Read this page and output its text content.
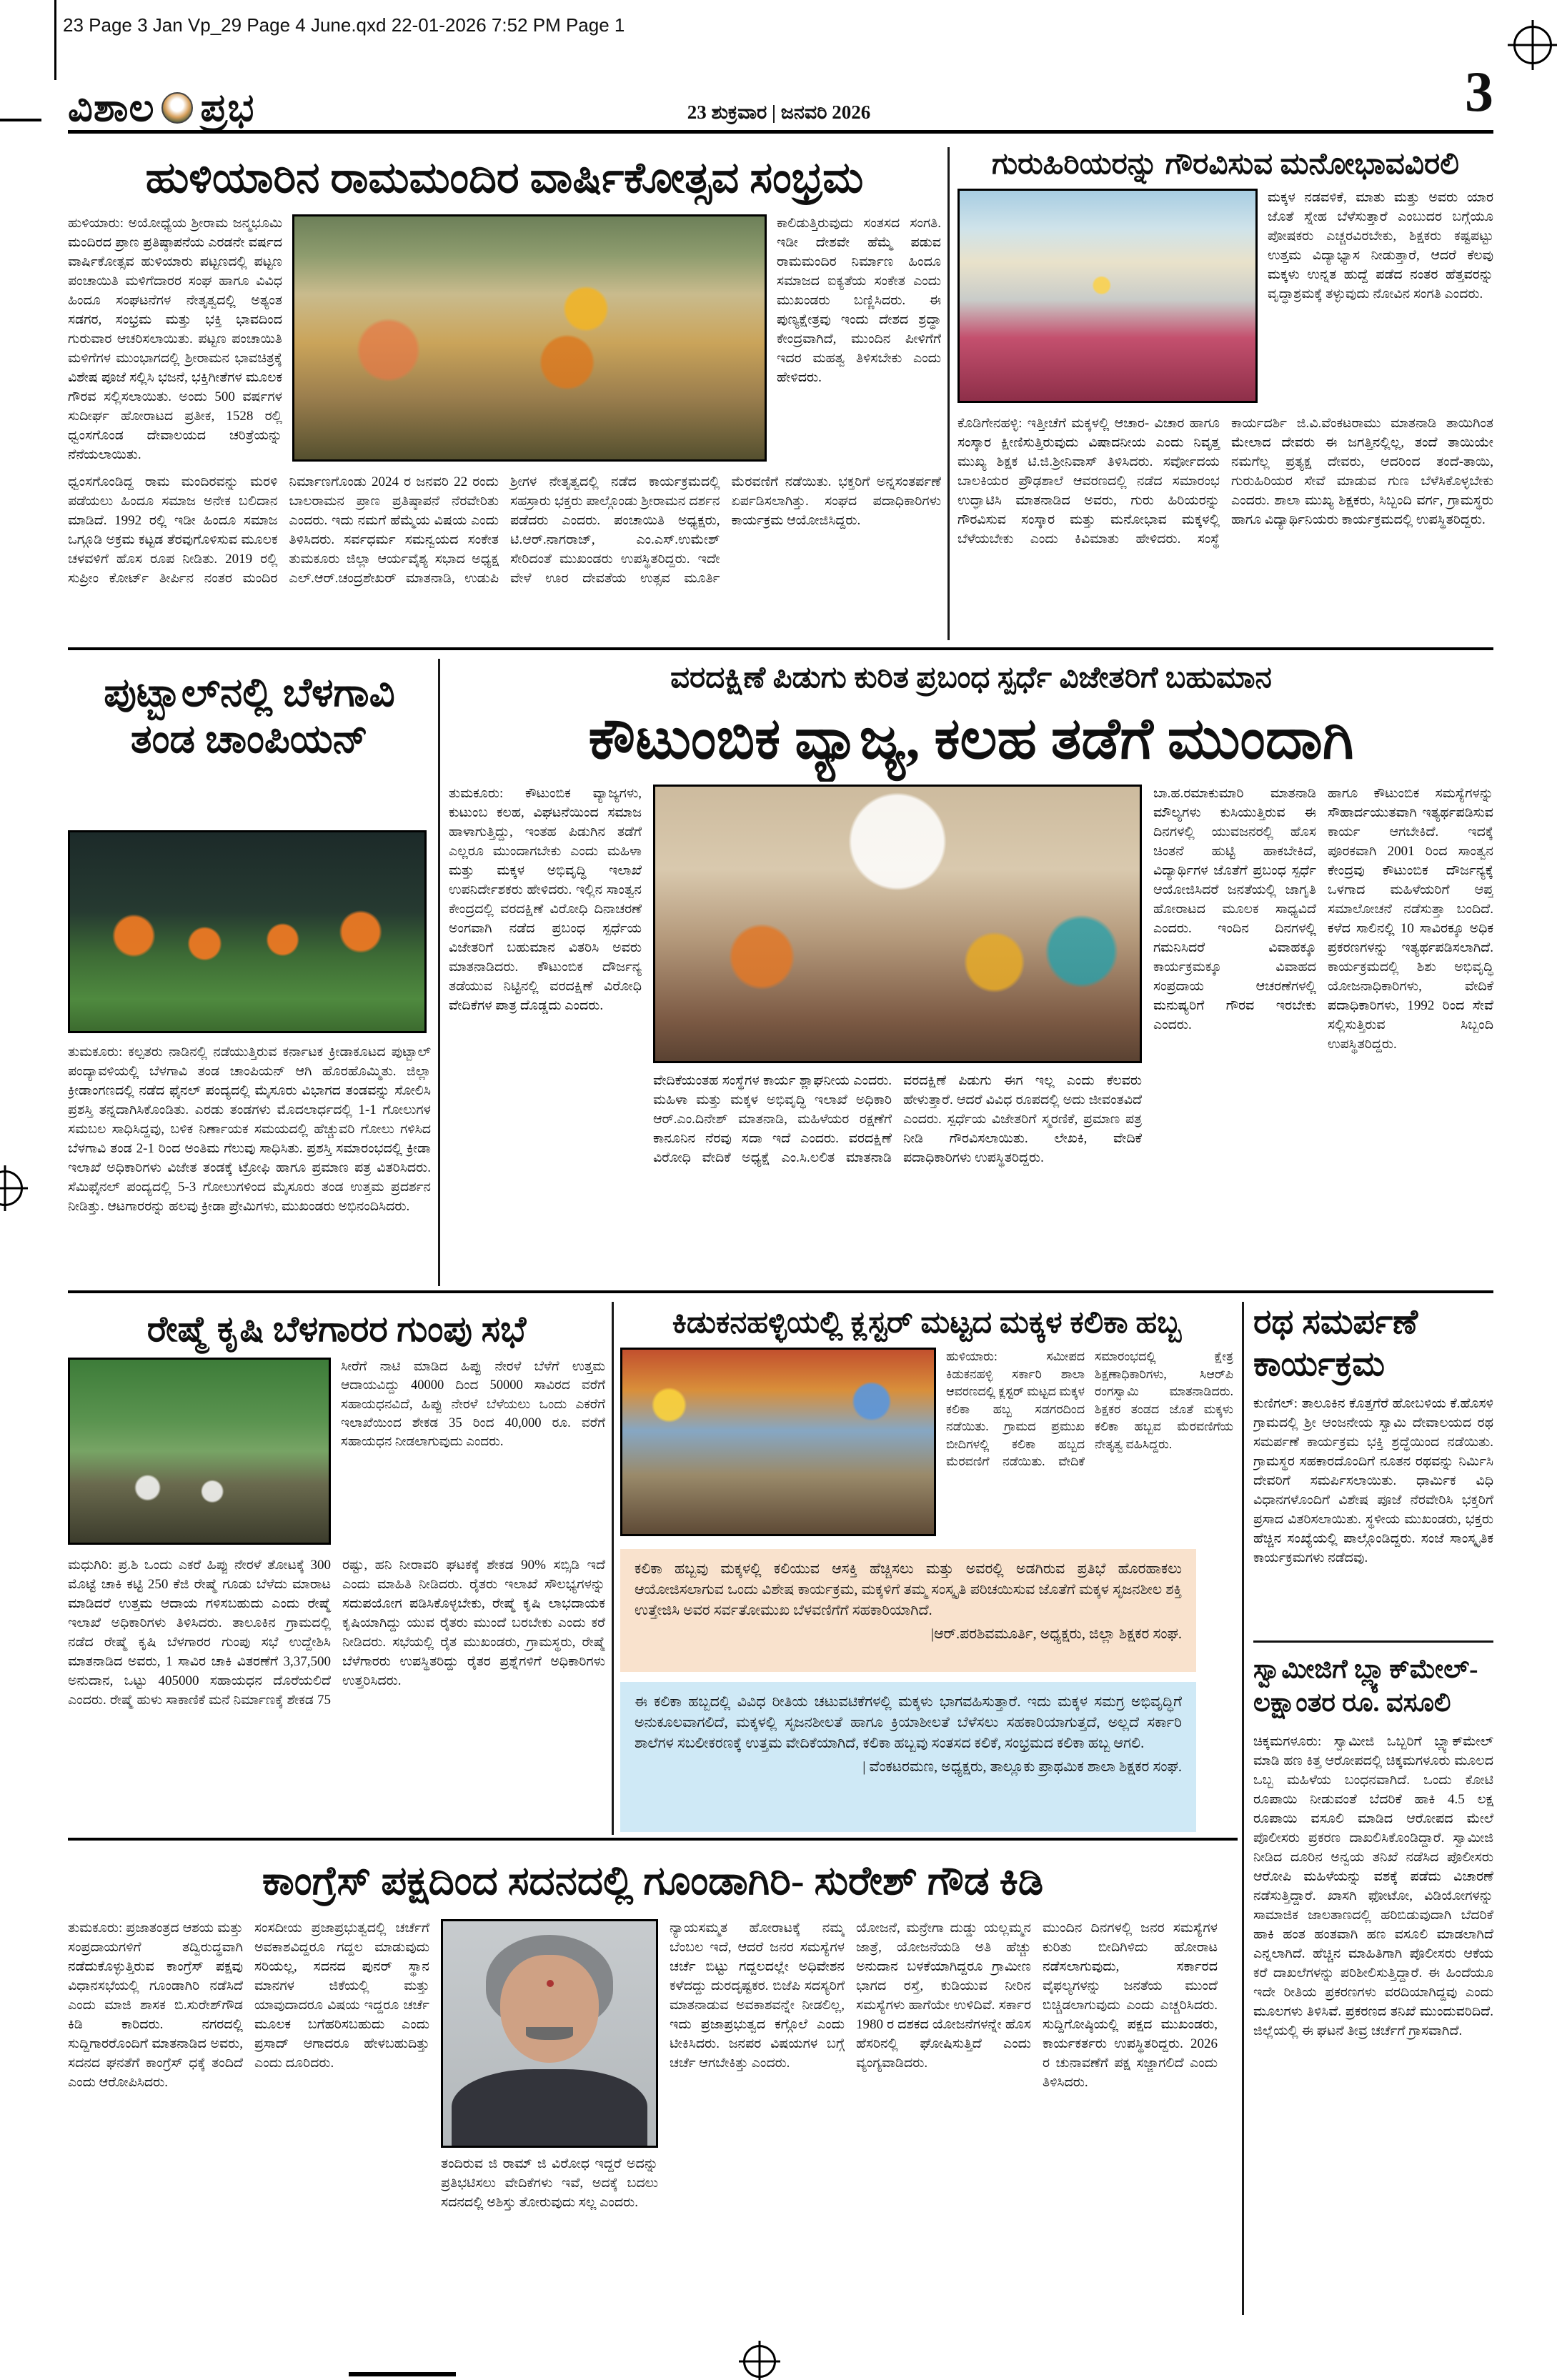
23 Page 3 Jan Vp_29 Page 4 June.qxd 22-01-2026 7:52 PM Page 1
ವಿಶಾಲ ಪ್ರಭ	23 ಶುಕ್ರವಾರ | ಜನವರಿ 2026	3
ಹುಳಿಯಾರಿನ ರಾಮಮಂದಿರ ವಾರ್ಷಿಕೋತ್ಸವ ಸಂಭ್ರಮ
ಹುಳಿಯಾರು: ಅಯೋಧ್ಯೆಯ ಶ್ರೀರಾಮ ಜನ್ಮಭೂಮಿ ಮಂದಿರದ ಪ್ರಾಣ ಪ್ರತಿಷ್ಠಾಪನೆಯ ಎರಡನೇ ವರ್ಷದ ವಾರ್ಷಿಕೋತ್ಸವ ಹುಳಿಯಾರು ಪಟ್ಟಣದಲ್ಲಿ ಪಟ್ಟಣ ಪಂಚಾಯಿತಿ ಮಳಿಗೆದಾರರ ಸಂಘ ಹಾಗೂ ವಿವಿಧ ಹಿಂದೂ ಸಂಘಟನೆಗಳ ನೇತೃತ್ವದಲ್ಲಿ ಅತ್ಯಂತ ಸಡಗರ, ಸಂಭ್ರಮ ಮತ್ತು ಭಕ್ತಿ ಭಾವದಿಂದ ಗುರುವಾರ ಆಚರಿಸಲಾಯಿತು. ಪಟ್ಟಣ ಪಂಚಾಯಿತಿ ಮಳಿಗೆಗಳ ಮುಂಭಾಗದಲ್ಲಿ ಶ್ರೀರಾಮನ ಭಾವಚಿತ್ರಕ್ಕೆ ವಿಶೇಷ ಪೂಜೆ ಸಲ್ಲಿಸಿ ಭಜನೆ, ಭಕ್ತಿಗೀತೆಗಳ ಮೂಲಕ ಗೌರವ ಸಲ್ಲಿಸಲಾಯಿತು. ಅಂದು 500 ವರ್ಷಗಳ ಸುದೀರ್ಘ ಹೋರಾಟದ ಪ್ರತೀಕ, 1528 ರಲ್ಲಿ ಧ್ವಂಸಗೊಂಡ ದೇವಾಲಯದ ಚರಿತ್ರೆಯನ್ನು ನೆನೆಯಲಾಯಿತು.
ಕಾಲಿಡುತ್ತಿರುವುದು ಸಂತಸದ ಸಂಗತಿ. ಇಡೀ ದೇಶವೇ ಹೆಮ್ಮೆ ಪಡುವ ರಾಮಮಂದಿರ ನಿರ್ಮಾಣ ಹಿಂದೂ ಸಮಾಜದ ಐಕ್ಯತೆಯ ಸಂಕೇತ ಎಂದು ಮುಖಂಡರು ಬಣ್ಣಿಸಿದರು. ಈ ಪುಣ್ಯಕ್ಷೇತ್ರವು ಇಂದು ದೇಶದ ಶ್ರದ್ಧಾ ಕೇಂದ್ರವಾಗಿದೆ, ಮುಂದಿನ ಪೀಳಿಗೆಗೆ ಇದರ ಮಹತ್ವ ತಿಳಿಸಬೇಕು ಎಂದು ಹೇಳಿದರು.
ಧ್ವಂಸಗೊಂಡಿದ್ದ ರಾಮ ಮಂದಿರವನ್ನು ಮರಳಿ ಪಡೆಯಲು ಹಿಂದೂ ಸಮಾಜ ಅನೇಕ ಬಲಿದಾನ ಮಾಡಿದೆ. 1992 ರಲ್ಲಿ ಇಡೀ ಹಿಂದೂ ಸಮಾಜ ಒಗ್ಗೂಡಿ ಅಕ್ರಮ ಕಟ್ಟಡ ತೆರವುಗೊಳಿಸುವ ಮೂಲಕ ಚಳವಳಿಗೆ ಹೊಸ ರೂಪ ನೀಡಿತು. 2019 ರಲ್ಲಿ ಸುಪ್ರೀಂ ಕೋರ್ಟ್ ತೀರ್ಪಿನ ನಂತರ ಮಂದಿರ ನಿರ್ಮಾಣಗೊಂಡು 2024 ರ ಜನವರಿ 22 ರಂದು ಬಾಲರಾಮನ ಪ್ರಾಣ ಪ್ರತಿಷ್ಠಾಪನೆ ನೆರವೇರಿತು ಎಂದರು. ಇದು ನಮಗೆ ಹೆಮ್ಮೆಯ ವಿಷಯ ಎಂದು ತಿಳಿಸಿದರು. ಸರ್ವಧರ್ಮ ಸಮನ್ವಯದ ಸಂಕೇತ ತುಮಕೂರು ಜಿಲ್ಲಾ ಆರ್ಯವೈಶ್ಯ ಸಭಾದ ಅಧ್ಯಕ್ಷ ಎಲ್.ಆರ್.ಚಂದ್ರಶೇಖರ್ ಮಾತನಾಡಿ, ಉಡುಪಿ ಶ್ರೀಗಳ ನೇತೃತ್ವದಲ್ಲಿ ನಡೆದ ಕಾರ್ಯಕ್ರಮದಲ್ಲಿ ಸಹಸ್ರಾರು ಭಕ್ತರು ಪಾಲ್ಗೊಂಡು ಶ್ರೀರಾಮನ ದರ್ಶನ ಪಡೆದರು ಎಂದರು. ಪಂಚಾಯಿತಿ ಅಧ್ಯಕ್ಷರು, ಟಿ.ಆರ್.ನಾಗರಾಜ್, ಎಂ.ಎಸ್.ಉಮೇಶ್ ಸೇರಿದಂತೆ ಮುಖಂಡರು ಉಪಸ್ಥಿತರಿದ್ದರು. ಇದೇ ವೇಳೆ ಊರ ದೇವತೆಯ ಉತ್ಸವ ಮೂರ್ತಿ ಮೆರವಣಿಗೆ ನಡೆಯಿತು. ಭಕ್ತರಿಗೆ ಅನ್ನಸಂತರ್ಪಣೆ ಏರ್ಪಡಿಸಲಾಗಿತ್ತು. ಸಂಘದ ಪದಾಧಿಕಾರಿಗಳು ಕಾರ್ಯಕ್ರಮ ಆಯೋಜಿಸಿದ್ದರು.
ಗುರುಹಿರಿಯರನ್ನು ಗೌರವಿಸುವ ಮನೋಭಾವವಿರಲಿ
ಮಕ್ಕಳ ನಡವಳಿಕೆ, ಮಾತು ಮತ್ತು ಅವರು ಯಾರ ಜೊತೆ ಸ್ನೇಹ ಬೆಳೆಸುತ್ತಾರೆ ಎಂಬುದರ ಬಗ್ಗೆಯೂ ಪೋಷಕರು ಎಚ್ಚರವಿರಬೇಕು, ಶಿಕ್ಷಕರು ಕಷ್ಟಪಟ್ಟು ಉತ್ತಮ ವಿದ್ಯಾಭ್ಯಾಸ ನೀಡುತ್ತಾರೆ, ಆದರೆ ಕೆಲವು ಮಕ್ಕಳು ಉನ್ನತ ಹುದ್ದೆ ಪಡೆದ ನಂತರ ಹೆತ್ತವರನ್ನು ವೃದ್ಧಾಶ್ರಮಕ್ಕೆ ತಳ್ಳುವುದು ನೋವಿನ ಸಂಗತಿ ಎಂದರು.
ಕೊಡಿಗೇನಹಳ್ಳಿ: ಇತ್ತೀಚೆಗೆ ಮಕ್ಕಳಲ್ಲಿ ಆಚಾರ- ವಿಚಾರ ಹಾಗೂ ಸಂಸ್ಕಾರ ಕ್ಷೀಣಿಸುತ್ತಿರುವುದು ವಿಷಾದನೀಯ ಎಂದು ನಿವೃತ್ತ ಮುಖ್ಯ ಶಿಕ್ಷಕ ಟಿ.ಜಿ.ಶ್ರೀನಿವಾಸ್ ತಿಳಿಸಿದರು. ಸರ್ವೋದಯ ಬಾಲಕಿಯರ ಪ್ರೌಢಶಾಲೆ ಆವರಣದಲ್ಲಿ ನಡೆದ ಸಮಾರಂಭ ಉದ್ಘಾಟಿಸಿ ಮಾತನಾಡಿದ ಅವರು, ಗುರು ಹಿರಿಯರನ್ನು ಗೌರವಿಸುವ ಸಂಸ್ಕಾರ ಮತ್ತು ಮನೋಭಾವ ಮಕ್ಕಳಲ್ಲಿ ಬೆಳೆಯಬೇಕು ಎಂದು ಕಿವಿಮಾತು ಹೇಳಿದರು. ಸಂಸ್ಥೆ ಕಾರ್ಯದರ್ಶಿ ಜಿ.ವಿ.ವೆಂಕಟರಾಮು ಮಾತನಾಡಿ ತಾಯಿಗಿಂತ ಮೇಲಾದ ದೇವರು ಈ ಜಗತ್ತಿನಲ್ಲಿಲ್ಲ, ತಂದೆ ತಾಯಿಯೇ ನಮಗೆಲ್ಲ ಪ್ರತ್ಯಕ್ಷ ದೇವರು, ಆದರಿಂದ ತಂದೆ-ತಾಯಿ, ಗುರುಹಿರಿಯರ ಸೇವೆ ಮಾಡುವ ಗುಣ ಬೆಳೆಸಿಕೊಳ್ಳಬೇಕು ಎಂದರು. ಶಾಲಾ ಮುಖ್ಯ ಶಿಕ್ಷಕರು, ಸಿಬ್ಬಂದಿ ವರ್ಗ, ಗ್ರಾಮಸ್ಥರು ಹಾಗೂ ವಿದ್ಯಾರ್ಥಿನಿಯರು ಕಾರ್ಯಕ್ರಮದಲ್ಲಿ ಉಪಸ್ಥಿತರಿದ್ದರು.
ಪುಟ್ಬಾಲ್‌ನಲ್ಲಿ ಬೆಳಗಾವಿ ತಂಡ ಚಾಂಪಿಯನ್
ತುಮಕೂರು: ಕಲ್ಪತರು ನಾಡಿನಲ್ಲಿ ನಡೆಯುತ್ತಿರುವ ಕರ್ನಾಟಕ ಕ್ರೀಡಾಕೂಟದ ಪುಟ್ಬಾಲ್ ಪಂದ್ಯಾವಳಿಯಲ್ಲಿ ಬೆಳಗಾವಿ ತಂಡ ಚಾಂಪಿಯನ್ ಆಗಿ ಹೊರಹೊಮ್ಮಿತು. ಜಿಲ್ಲಾ ಕ್ರೀಡಾಂಗಣದಲ್ಲಿ ನಡೆದ ಫೈನಲ್ ಪಂದ್ಯದಲ್ಲಿ ಮೈಸೂರು ವಿಭಾಗದ ತಂಡವನ್ನು ಸೋಲಿಸಿ ಪ್ರಶಸ್ತಿ ತನ್ನದಾಗಿಸಿಕೊಂಡಿತು. ಎರಡು ತಂಡಗಳು ಮೊದಲಾರ್ಧದಲ್ಲಿ 1-1 ಗೋಲುಗಳ ಸಮಬಲ ಸಾಧಿಸಿದ್ದವು, ಬಳಿಕ ನಿರ್ಣಾಯಕ ಸಮಯದಲ್ಲಿ ಹೆಚ್ಚುವರಿ ಗೋಲು ಗಳಿಸಿದ ಬೆಳಗಾವಿ ತಂಡ 2-1 ರಿಂದ ಅಂತಿಮ ಗೆಲುವು ಸಾಧಿಸಿತು. ಪ್ರಶಸ್ತಿ ಸಮಾರಂಭದಲ್ಲಿ ಕ್ರೀಡಾ ಇಲಾಖೆ ಅಧಿಕಾರಿಗಳು ವಿಜೇತ ತಂಡಕ್ಕೆ ಟ್ರೋಫಿ ಹಾಗೂ ಪ್ರಮಾಣ ಪತ್ರ ವಿತರಿಸಿದರು. ಸೆಮಿಫೈನಲ್ ಪಂದ್ಯದಲ್ಲಿ 5-3 ಗೋಲುಗಳಿಂದ ಮೈಸೂರು ತಂಡ ಉತ್ತಮ ಪ್ರದರ್ಶನ ನೀಡಿತ್ತು. ಆಟಗಾರರನ್ನು ಹಲವು ಕ್ರೀಡಾ ಪ್ರೇಮಿಗಳು, ಮುಖಂಡರು ಅಭಿನಂದಿಸಿದರು.
ವರದಕ್ಷಿಣೆ ಪಿಡುಗು ಕುರಿತ ಪ್ರಬಂಧ ಸ್ಪರ್ಧೆ ವಿಜೇತರಿಗೆ ಬಹುಮಾನ
ಕೌಟುಂಬಿಕ ವ್ಯಾಜ್ಯ, ಕಲಹ ತಡೆಗೆ ಮುಂದಾಗಿ
ತುಮಕೂರು: ಕೌಟುಂಬಿಕ ವ್ಯಾಜ್ಯಗಳು, ಕುಟುಂಬ ಕಲಹ, ವಿಘಟನೆಯಿಂದ ಸಮಾಜ ಹಾಳಾಗುತ್ತಿದ್ದು, ಇಂತಹ ಪಿಡುಗಿನ ತಡೆಗೆ ಎಲ್ಲರೂ ಮುಂದಾಗಬೇಕು ಎಂದು ಮಹಿಳಾ ಮತ್ತು ಮಕ್ಕಳ ಅಭಿವೃದ್ಧಿ ಇಲಾಖೆ ಉಪನಿರ್ದೇಶಕರು ಹೇಳಿದರು. ಇಲ್ಲಿನ ಸಾಂತ್ವನ ಕೇಂದ್ರದಲ್ಲಿ ವರದಕ್ಷಿಣೆ ವಿರೋಧಿ ದಿನಾಚರಣೆ ಅಂಗವಾಗಿ ನಡೆದ ಪ್ರಬಂಧ ಸ್ಪರ್ಧೆಯ ವಿಜೇತರಿಗೆ ಬಹುಮಾನ ವಿತರಿಸಿ ಅವರು ಮಾತನಾಡಿದರು. ಕೌಟುಂಬಿಕ ದೌರ್ಜನ್ಯ ತಡೆಯುವ ನಿಟ್ಟಿನಲ್ಲಿ ವರದಕ್ಷಿಣೆ ವಿರೋಧಿ ವೇದಿಕೆಗಳ ಪಾತ್ರ ದೊಡ್ಡದು ಎಂದರು.
ವೇದಿಕೆಯಂತಹ ಸಂಸ್ಥೆಗಳ ಕಾರ್ಯ ಶ್ಲಾಘನೀಯ ಎಂದರು. ಮಹಿಳಾ ಮತ್ತು ಮಕ್ಕಳ ಅಭಿವೃದ್ಧಿ ಇಲಾಖೆ ಅಧಿಕಾರಿ ಆರ್.ಎಂ.ದಿನೇಶ್ ಮಾತನಾಡಿ, ಮಹಿಳೆಯರ ರಕ್ಷಣೆಗೆ ಕಾನೂನಿನ ನೆರವು ಸದಾ ಇದೆ ಎಂದರು. ವರದಕ್ಷಿಣೆ ವಿರೋಧಿ ವೇದಿಕೆ ಅಧ್ಯಕ್ಷೆ ಎಂ.ಸಿ.ಲಲಿತ ಮಾತನಾಡಿ ವರದಕ್ಷಿಣೆ ಪಿಡುಗು ಈಗ ಇಲ್ಲ ಎಂದು ಕೆಲವರು ಹೇಳುತ್ತಾರೆ. ಆದರೆ ವಿವಿಧ ರೂಪದಲ್ಲಿ ಅದು ಜೀವಂತವಿದೆ ಎಂದರು. ಸ್ಪರ್ಧೆಯ ವಿಜೇತರಿಗೆ ಸ್ಮರಣಿಕೆ, ಪ್ರಮಾಣ ಪತ್ರ ನೀಡಿ ಗೌರವಿಸಲಾಯಿತು. ಲೇಖಕಿ, ವೇದಿಕೆ ಪದಾಧಿಕಾರಿಗಳು ಉಪಸ್ಥಿತರಿದ್ದರು.
ಬಾ.ಹ.ರಮಾಕುಮಾರಿ ಮಾತನಾಡಿ ಮೌಲ್ಯಗಳು ಕುಸಿಯುತ್ತಿರುವ ಈ ದಿನಗಳಲ್ಲಿ ಯುವಜನರಲ್ಲಿ ಹೊಸ ಚಿಂತನೆ ಹುಟ್ಟಿ ಹಾಕಬೇಕಿದೆ, ವಿದ್ಯಾರ್ಥಿಗಳ ಜೊತೆಗೆ ಪ್ರಬಂಧ ಸ್ಪರ್ಧೆ ಆಯೋಜಿಸಿದರೆ ಜನತೆಯಲ್ಲಿ ಜಾಗೃತಿ ಹೋರಾಟದ ಮೂಲಕ ಸಾಧ್ಯವಿದೆ ಎಂದರು. ಇಂದಿನ ದಿನಗಳಲ್ಲಿ ಗಮನಿಸಿದರೆ ವಿವಾಹಕ್ಕೂ ಕಾರ್ಯಕ್ರಮಕ್ಕೂ ವಿವಾಹದ ಸಂಪ್ರದಾಯ ಆಚರಣೆಗಳಲ್ಲಿ ಮನುಷ್ಯರಿಗೆ ಗೌರವ ಇರಬೇಕು ಎಂದರು.
ಹಾಗೂ ಕೌಟುಂಬಿಕ ಸಮಸ್ಯೆಗಳನ್ನು ಸೌಹಾರ್ದಯುತವಾಗಿ ಇತ್ಯರ್ಥಪಡಿಸುವ ಕಾರ್ಯ ಆಗಬೇಕಿದೆ. ಇದಕ್ಕೆ ಪೂರಕವಾಗಿ 2001 ರಿಂದ ಸಾಂತ್ವನ ಕೇಂದ್ರವು ಕೌಟುಂಬಿಕ ದೌರ್ಜನ್ಯಕ್ಕೆ ಒಳಗಾದ ಮಹಿಳೆಯರಿಗೆ ಆಪ್ತ ಸಮಾಲೋಚನೆ ನಡೆಸುತ್ತಾ ಬಂದಿದೆ. ಕಳೆದ ಸಾಲಿನಲ್ಲಿ 10 ಸಾವಿರಕ್ಕೂ ಅಧಿಕ ಪ್ರಕರಣಗಳನ್ನು ಇತ್ಯರ್ಥಪಡಿಸಲಾಗಿದೆ. ಕಾರ್ಯಕ್ರಮದಲ್ಲಿ ಶಿಶು ಅಭಿವೃದ್ಧಿ ಯೋಜನಾಧಿಕಾರಿಗಳು, ವೇದಿಕೆ ಪದಾಧಿಕಾರಿಗಳು, 1992 ರಿಂದ ಸೇವೆ ಸಲ್ಲಿಸುತ್ತಿರುವ ಸಿಬ್ಬಂದಿ ಉಪಸ್ಥಿತರಿದ್ದರು.
ರೇಷ್ಮೆ ಕೃಷಿ ಬೆಳಗಾರರ ಗುಂಪು ಸಭೆ
ಸೀರೆಗೆ ನಾಟಿ ಮಾಡಿದ ಹಿಪ್ಪು ನೇರಳೆ ಬೆಳೆಗೆ ಉತ್ತಮ ಆದಾಯವಿದ್ದು 40000 ದಿಂದ 50000 ಸಾವಿರದ ವರೆಗೆ ಸಹಾಯಧನವಿದೆ, ಹಿಪ್ಪು ನೇರಳೆ ಬೆಳೆಯಲು ಒಂದು ಎಕರೆಗೆ ಇಲಾಖೆಯಿಂದ ಶೇಕಡ 35 ರಿಂದ 40,000 ರೂ. ವರೆಗೆ ಸಹಾಯಧನ ನೀಡಲಾಗುವುದು ಎಂದರು.
ಮಧುಗಿರಿ: ಪ್ರ.ಶಿ ಒಂದು ಎಕರೆ ಹಿಪ್ಪು ನೇರಳೆ ತೋಟಕ್ಕೆ 300 ಮೊಟ್ಟೆ ಚಾಕಿ ಕಟ್ಟಿ 250 ಕೆಜಿ ರೇಷ್ಮೆ ಗೂಡು ಬೆಳೆದು ಮಾರಾಟ ಮಾಡಿದರೆ ಉತ್ತಮ ಆದಾಯ ಗಳಿಸಬಹುದು ಎಂದು ರೇಷ್ಮೆ ಇಲಾಖೆ ಅಧಿಕಾರಿಗಳು ತಿಳಿಸಿದರು. ತಾಲೂಕಿನ ಗ್ರಾಮದಲ್ಲಿ ನಡೆದ ರೇಷ್ಮೆ ಕೃಷಿ ಬೆಳಗಾರರ ಗುಂಪು ಸಭೆ ಉದ್ದೇಶಿಸಿ ಮಾತನಾಡಿದ ಅವರು, 1 ಸಾವಿರ ಚಾಕಿ ವಿತರಣೆಗೆ 3,37,500 ಅನುದಾನ, ಒಟ್ಟು 405000 ಸಹಾಯಧನ ದೊರೆಯಲಿದೆ ಎಂದರು. ರೇಷ್ಮೆ ಹುಳು ಸಾಕಾಣಿಕೆ ಮನೆ ನಿರ್ಮಾಣಕ್ಕೆ ಶೇಕಡ 75 ರಷ್ಟು, ಹನಿ ನೀರಾವರಿ ಘಟಕಕ್ಕೆ ಶೇಕಡ 90% ಸಬ್ಸಿಡಿ ಇದೆ ಎಂದು ಮಾಹಿತಿ ನೀಡಿದರು. ರೈತರು ಇಲಾಖೆ ಸೌಲಭ್ಯಗಳನ್ನು ಸದುಪಯೋಗ ಪಡಿಸಿಕೊಳ್ಳಬೇಕು, ರೇಷ್ಮೆ ಕೃಷಿ ಲಾಭದಾಯಕ ಕೃಷಿಯಾಗಿದ್ದು ಯುವ ರೈತರು ಮುಂದೆ ಬರಬೇಕು ಎಂದು ಕರೆ ನೀಡಿದರು. ಸಭೆಯಲ್ಲಿ ರೈತ ಮುಖಂಡರು, ಗ್ರಾಮಸ್ಥರು, ರೇಷ್ಮೆ ಬೆಳೆಗಾರರು ಉಪಸ್ಥಿತರಿದ್ದು ರೈತರ ಪ್ರಶ್ನೆಗಳಿಗೆ ಅಧಿಕಾರಿಗಳು ಉತ್ತರಿಸಿದರು.
ಕಿಡುಕನಹಳ್ಳಿಯಲ್ಲಿ ಕ್ಲಸ್ಟರ್ ಮಟ್ಟದ ಮಕ್ಕಳ ಕಲಿಕಾ ಹಬ್ಬ
ಹುಳಿಯಾರು: ಸಮೀಪದ ಕಿಡುಕನಹಳ್ಳಿ ಸರ್ಕಾರಿ ಶಾಲಾ ಆವರಣದಲ್ಲಿ ಕ್ಲಸ್ಟರ್ ಮಟ್ಟದ ಮಕ್ಕಳ ಕಲಿಕಾ ಹಬ್ಬ ಸಡಗರದಿಂದ ನಡೆಯಿತು. ಗ್ರಾಮದ ಪ್ರಮುಖ ಬೀದಿಗಳಲ್ಲಿ ಕಲಿಕಾ ಹಬ್ಬದ ಮೆರವಣಿಗೆ ನಡೆಯಿತು. ವೇದಿಕೆ ಸಮಾರಂಭದಲ್ಲಿ ಕ್ಷೇತ್ರ ಶಿಕ್ಷಣಾಧಿಕಾರಿಗಳು, ಸಿಆರ್‌ಪಿ ರಂಗಸ್ವಾಮಿ ಮಾತನಾಡಿದರು. ಶಿಕ್ಷಕರ ತಂಡದ ಜೊತೆ ಮಕ್ಕಳು ಕಲಿಕಾ ಹಬ್ಬವ ಮೆರವಣಿಗೆಯ ನೇತೃತ್ವ ವಹಿಸಿದ್ದರು.
ಕಲಿಕಾ ಹಬ್ಬವು ಮಕ್ಕಳಲ್ಲಿ ಕಲಿಯುವ ಆಸಕ್ತಿ ಹೆಚ್ಚಿಸಲು ಮತ್ತು ಅವರಲ್ಲಿ ಅಡಗಿರುವ ಪ್ರತಿಭೆ ಹೊರಹಾಕಲು ಆಯೋಜಿಸಲಾಗುವ ಒಂದು ವಿಶೇಷ ಕಾರ್ಯಕ್ರಮ, ಮಕ್ಕಳಿಗೆ ತಮ್ಮ ಸಂಸ್ಕೃತಿ ಪರಿಚಯಿಸುವ ಜೊತೆಗೆ ಮಕ್ಕಳ ಸೃಜನಶೀಲ ಶಕ್ತಿ ಉತ್ತೇಜಿಸಿ ಅವರ ಸರ್ವತೋಮುಖ ಬೆಳವಣಿಗೆಗೆ ಸಹಕಾರಿಯಾಗಿದೆ.
|ಆರ್.ಪರಶಿವಮೂರ್ತಿ, ಅಧ್ಯಕ್ಷರು, ಜಿಲ್ಲಾ ಶಿಕ್ಷಕರ ಸಂಘ.
ಈ ಕಲಿಕಾ ಹಬ್ಬದಲ್ಲಿ ವಿವಿಧ ರೀತಿಯ ಚಟುವಟಿಕೆಗಳಲ್ಲಿ ಮಕ್ಕಳು ಭಾಗವಹಿಸುತ್ತಾರೆ. ಇದು ಮಕ್ಕಳ ಸಮಗ್ರ ಅಭಿವೃದ್ಧಿಗೆ ಅನುಕೂಲವಾಗಲಿದೆ, ಮಕ್ಕಳಲ್ಲಿ ಸೃಜನಶೀಲತೆ ಹಾಗೂ ಕ್ರಿಯಾಶೀಲತೆ ಬೆಳೆಸಲು ಸಹಕಾರಿಯಾಗುತ್ತದೆ, ಅಲ್ಲದೆ ಸರ್ಕಾರಿ ಶಾಲೆಗಳ ಸಬಲೀಕರಣಕ್ಕೆ ಉತ್ತಮ ವೇದಿಕೆಯಾಗಿದೆ, ಕಲಿಕಾ ಹಬ್ಬವು ಸಂತಸದ ಕಲಿಕೆ, ಸಂಭ್ರಮದ ಕಲಿಕಾ ಹಬ್ಬ ಆಗಲಿ.
| ವೆಂಕಟರಮಣ, ಅಧ್ಯಕ್ಷರು, ತಾಲ್ಲೂಕು ಪ್ರಾಥಮಿಕ ಶಾಲಾ ಶಿಕ್ಷಕರ ಸಂಘ.
ರಥ ಸಮರ್ಪಣೆ ಕಾರ್ಯಕ್ರಮ
ಕುಣಿಗಲ್: ತಾಲೂಕಿನ ಕೊತ್ತಗೆರೆ ಹೋಬಳಿಯ ಕೆ.ಹೊಸಳಿ ಗ್ರಾಮದಲ್ಲಿ ಶ್ರೀ ಆಂಜನೇಯ ಸ್ವಾಮಿ ದೇವಾಲಯದ ರಥ ಸಮರ್ಪಣೆ ಕಾರ್ಯಕ್ರಮ ಭಕ್ತಿ ಶ್ರದ್ಧೆಯಿಂದ ನಡೆಯಿತು. ಗ್ರಾಮಸ್ಥರ ಸಹಕಾರದೊಂದಿಗೆ ನೂತನ ರಥವನ್ನು ನಿರ್ಮಿಸಿ ದೇವರಿಗೆ ಸಮರ್ಪಿಸಲಾಯಿತು. ಧಾರ್ಮಿಕ ವಿಧಿ ವಿಧಾನಗಳೊಂದಿಗೆ ವಿಶೇಷ ಪೂಜೆ ನೆರವೇರಿಸಿ ಭಕ್ತರಿಗೆ ಪ್ರಸಾದ ವಿತರಿಸಲಾಯಿತು. ಸ್ಥಳೀಯ ಮುಖಂಡರು, ಭಕ್ತರು ಹೆಚ್ಚಿನ ಸಂಖ್ಯೆಯಲ್ಲಿ ಪಾಲ್ಗೊಂಡಿದ್ದರು. ಸಂಜೆ ಸಾಂಸ್ಕೃತಿಕ ಕಾರ್ಯಕ್ರಮಗಳು ನಡೆದವು.
ಸ್ವಾಮೀಜಿಗೆ ಬ್ಲ್ಯಾಕ್‌ಮೇಲ್- ಲಕ್ಷಾಂತರ ರೂ. ವಸೂಲಿ
ಚಿಕ್ಕಮಗಳೂರು: ಸ್ವಾಮೀಜಿ ಒಬ್ಬರಿಗೆ ಬ್ಲ್ಯಾಕ್‌ಮೇಲ್ ಮಾಡಿ ಹಣ ಕಿತ್ತ ಆರೋಪದಲ್ಲಿ ಚಿಕ್ಕಮಗಳೂರು ಮೂಲದ ಒಬ್ಬ ಮಹಿಳೆಯ ಬಂಧನವಾಗಿದೆ. ಒಂದು ಕೋಟಿ ರೂಪಾಯಿ ನೀಡುವಂತೆ ಬೆದರಿಕೆ ಹಾಕಿ 4.5 ಲಕ್ಷ ರೂಪಾಯಿ ವಸೂಲಿ ಮಾಡಿದ ಆರೋಪದ ಮೇಲೆ ಪೊಲೀಸರು ಪ್ರಕರಣ ದಾಖಲಿಸಿಕೊಂಡಿದ್ದಾರೆ. ಸ್ವಾಮೀಜಿ ನೀಡಿದ ದೂರಿನ ಅನ್ವಯ ತನಿಖೆ ನಡೆಸಿದ ಪೊಲೀಸರು ಆರೋಪಿ ಮಹಿಳೆಯನ್ನು ವಶಕ್ಕೆ ಪಡೆದು ವಿಚಾರಣೆ ನಡೆಸುತ್ತಿದ್ದಾರೆ. ಖಾಸಗಿ ಫೋಟೋ, ವಿಡಿಯೋಗಳನ್ನು ಸಾಮಾಜಿಕ ಜಾಲತಾಣದಲ್ಲಿ ಹರಿಬಿಡುವುದಾಗಿ ಬೆದರಿಕೆ ಹಾಕಿ ಹಂತ ಹಂತವಾಗಿ ಹಣ ವಸೂಲಿ ಮಾಡಲಾಗಿದೆ ಎನ್ನಲಾಗಿದೆ. ಹೆಚ್ಚಿನ ಮಾಹಿತಿಗಾಗಿ ಪೊಲೀಸರು ಆಕೆಯ ಕರೆ ದಾಖಲೆಗಳನ್ನು ಪರಿಶೀಲಿಸುತ್ತಿದ್ದಾರೆ. ಈ ಹಿಂದೆಯೂ ಇದೇ ರೀತಿಯ ಪ್ರಕರಣಗಳು ವರದಿಯಾಗಿದ್ದವು ಎಂದು ಮೂಲಗಳು ತಿಳಿಸಿವೆ. ಪ್ರಕರಣದ ತನಿಖೆ ಮುಂದುವರಿದಿದೆ. ಜಿಲ್ಲೆಯಲ್ಲಿ ಈ ಘಟನೆ ತೀವ್ರ ಚರ್ಚೆಗೆ ಗ್ರಾಸವಾಗಿದೆ.
ಕಾಂಗ್ರೆಸ್ ಪಕ್ಷದಿಂದ ಸದನದಲ್ಲಿ ಗೂಂಡಾಗಿರಿ- ಸುರೇಶ್ ಗೌಡ ಕಿಡಿ
ತುಮಕೂರು: ಪ್ರಜಾತಂತ್ರದ ಆಶಯ ಮತ್ತು ಸಂಪ್ರದಾಯಗಳಿಗೆ ತದ್ವಿರುದ್ಧವಾಗಿ ನಡೆದುಕೊಳ್ಳುತ್ತಿರುವ ಕಾಂಗ್ರೆಸ್ ಪಕ್ಷವು ವಿಧಾನಸಭೆಯಲ್ಲಿ ಗೂಂಡಾಗಿರಿ ನಡೆಸಿದೆ ಎಂದು ಮಾಜಿ ಶಾಸಕ ಬಿ.ಸುರೇಶ್‌ಗೌಡ ಕಿಡಿ ಕಾರಿದರು. ನಗರದಲ್ಲಿ ಸುದ್ದಿಗಾರರೊಂದಿಗೆ ಮಾತನಾಡಿದ ಅವರು, ಸದನದ ಘನತೆಗೆ ಕಾಂಗ್ರೆಸ್ ಧಕ್ಕೆ ತಂದಿದೆ ಎಂದು ಆರೋಪಿಸಿದರು.
ಸಂಸದೀಯ ಪ್ರಜಾಪ್ರಭುತ್ವದಲ್ಲಿ ಚರ್ಚೆಗೆ ಅವಕಾಶವಿದ್ದರೂ ಗದ್ದಲ ಮಾಡುವುದು ಸರಿಯಲ್ಲ, ಸದನದ ಪುನರ್ ಸ್ಥಾನ ಮಾನಗಳ ಜಿಕೆಯಲ್ಲಿ ಮತ್ತು ಯಾವುದಾದರೂ ವಿಷಯ ಇದ್ದರೂ ಚರ್ಚೆ ಮೂಲಕ ಬಗೆಹರಿಸಬಹುದು ಎಂದು ಪ್ರಸಾದ್ ಆಗಾದರೂ ಹೇಳಬಹುದಿತ್ತು ಎಂದು ದೂರಿದರು.
ತಂದಿರುವ ಜಿ ರಾಮ್ ಜಿ ವಿರೋಧ ಇದ್ದರೆ ಅದನ್ನು ಪ್ರತಿಭಟಿಸಲು ವೇದಿಕೆಗಳು ಇವೆ, ಅದಕ್ಕೆ ಬದಲು ಸದನದಲ್ಲಿ ಅಶಿಸ್ತು ತೋರುವುದು ಸಲ್ಲ ಎಂದರು.
ನ್ಯಾಯಸಮ್ಮತ ಹೋರಾಟಕ್ಕೆ ನಮ್ಮ ಬೆಂಬಲ ಇದೆ, ಆದರೆ ಜನರ ಸಮಸ್ಯೆಗಳ ಚರ್ಚೆ ಬಿಟ್ಟು ಗದ್ದಲದಲ್ಲೇ ಅಧಿವೇಶನ ಕಳೆದದ್ದು ದುರದೃಷ್ಟಕರ. ಬಿಜೆಪಿ ಸದಸ್ಯರಿಗೆ ಮಾತನಾಡುವ ಅವಕಾಶವನ್ನೇ ನೀಡಲಿಲ್ಲ, ಇದು ಪ್ರಜಾಪ್ರಭುತ್ವದ ಕಗ್ಗೊಲೆ ಎಂದು ಟೀಕಿಸಿದರು. ಜನಪರ ವಿಷಯಗಳ ಬಗ್ಗೆ ಚರ್ಚೆ ಆಗಬೇಕಿತ್ತು ಎಂದರು.
ಯೋಜನೆ, ಮನ್ರೇಗಾ ದುಡ್ಡು ಯಲ್ಲಮ್ಮನ ಜಾತ್ರೆ, ಯೋಜನೆಯಡಿ ಅತಿ ಹೆಚ್ಚು ಅನುದಾನ ಬಳಕೆಯಾಗಿದ್ದರೂ ಗ್ರಾಮೀಣ ಭಾಗದ ರಸ್ತೆ, ಕುಡಿಯುವ ನೀರಿನ ಸಮಸ್ಯೆಗಳು ಹಾಗೆಯೇ ಉಳಿದಿವೆ. ಸರ್ಕಾರ 1980 ರ ದಶಕದ ಯೋಜನೆಗಳನ್ನೇ ಹೊಸ ಹೆಸರಿನಲ್ಲಿ ಘೋಷಿಸುತ್ತಿದೆ ಎಂದು ವ್ಯಂಗ್ಯವಾಡಿದರು.
ಮುಂದಿನ ದಿನಗಳಲ್ಲಿ ಜನರ ಸಮಸ್ಯೆಗಳ ಕುರಿತು ಬೀದಿಗಿಳಿದು ಹೋರಾಟ ನಡೆಸಲಾಗುವುದು, ಸರ್ಕಾರದ ವೈಫಲ್ಯಗಳನ್ನು ಜನತೆಯ ಮುಂದೆ ಬಿಚ್ಚಿಡಲಾಗುವುದು ಎಂದು ಎಚ್ಚರಿಸಿದರು. ಸುದ್ದಿಗೋಷ್ಠಿಯಲ್ಲಿ ಪಕ್ಷದ ಮುಖಂಡರು, ಕಾರ್ಯಕರ್ತರು ಉಪಸ್ಥಿತರಿದ್ದರು. 2026 ರ ಚುನಾವಣೆಗೆ ಪಕ್ಷ ಸಜ್ಜಾಗಲಿದೆ ಎಂದು ತಿಳಿಸಿದರು.
